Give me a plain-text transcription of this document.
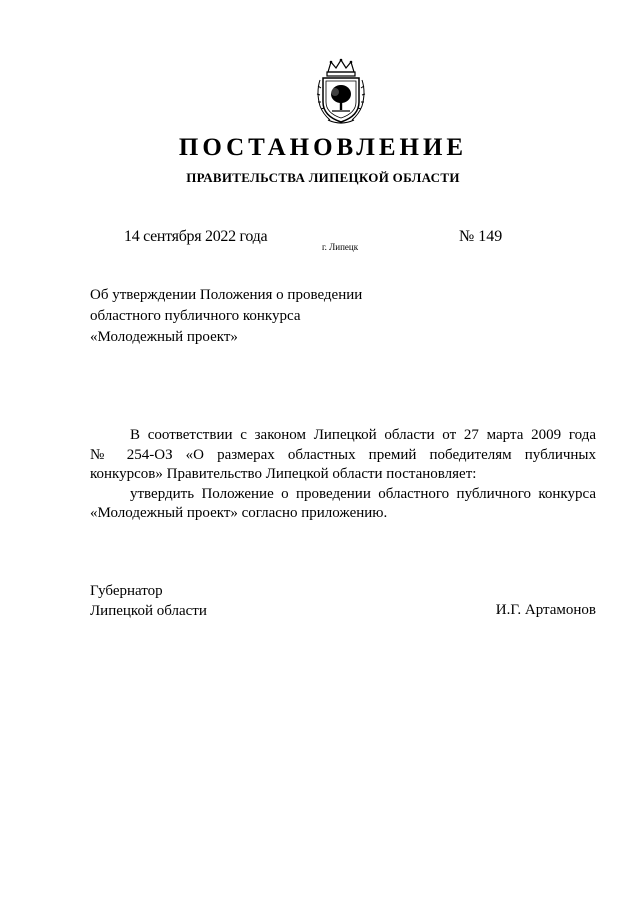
ПОСТАНОВЛЕНИЕ
ПРАВИТЕЛЬСТВА ЛИПЕЦКОЙ ОБЛАСТИ
14 сентября 2022 года
г. Липецк
№ 149
Об утверждении Положения о проведении
областного публичного конкурса
«Молодежный проект»
В соответствии с законом Липецкой области от 27 марта 2009 года
№ 254-ОЗ «О размерах областных премий победителям публичных
конкурсов» Правительство Липецкой области постановляет:
утвердить Положение о проведении областного публичного конкурса
«Молодежный проект» согласно приложению.
Губернатор
Липецкой области	И.Г. Артамонов
